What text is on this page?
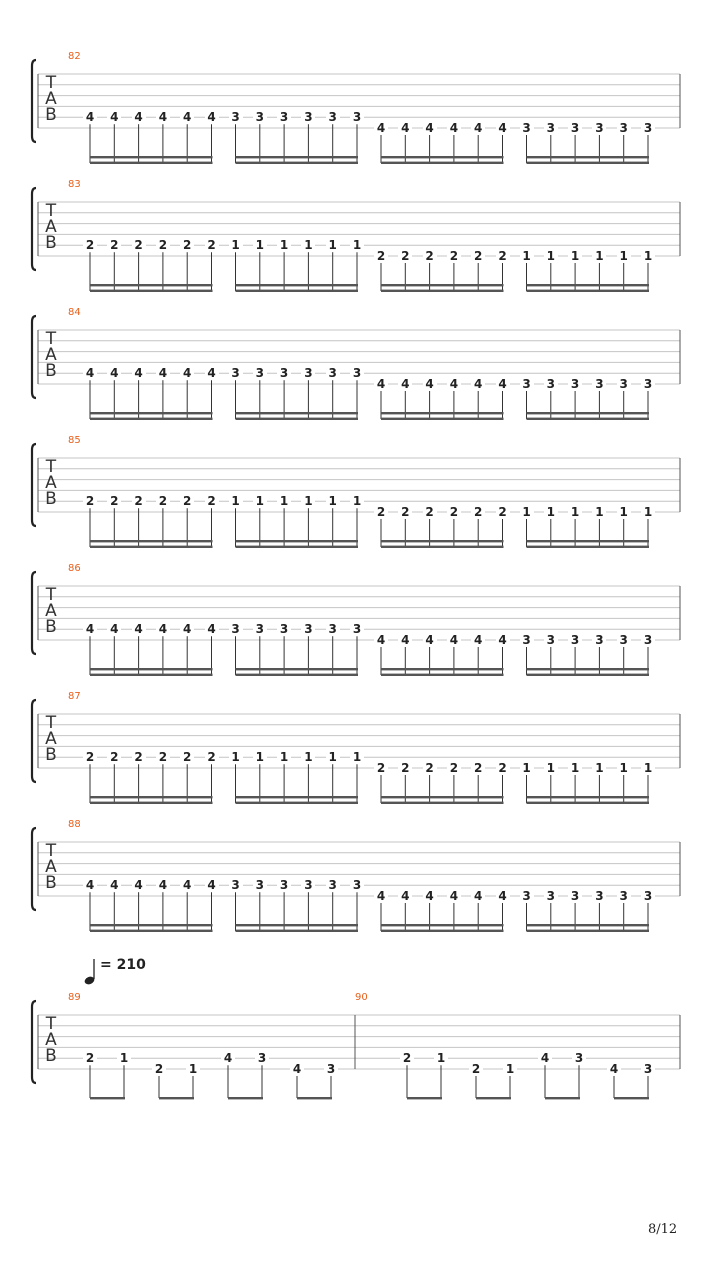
= 210
8/12
T
A
B
82
4 4 4 4 4 4 3 3 3 3 3 3
4 4 4 4 4 4 3 3 3 3 3 3
T
A
B
83
2 2 2 2 2 2 1 1 1 1 1 1
2 2 2 2 2 2 1 1 1 1 1 1
T
A
B
84
4 4 4 4 4 4 3 3 3 3 3 3
4 4 4 4 4 4 3 3 3 3 3 3
T
A
B
85
2 2 2 2 2 2 1 1 1 1 1 1
2 2 2 2 2 2 1 1 1 1 1 1
T
A
B
86
4 4 4 4 4 4 3 3 3 3 3 3
4 4 4 4 4 4 3 3 3 3 3 3
T
A
B
87
2 2 2 2 2 2 1 1 1 1 1 1
2 2 2 2 2 2 1 1 1 1 1 1
T
A
B
88
4 4 4 4 4 4 3 3 3 3 3 3
4 4 4 4 4 4 3 3 3 3 3 3
T
A
B
89
2 1
2 1
4 3
4 3
90
2 1
2 1
4 3
4 3
